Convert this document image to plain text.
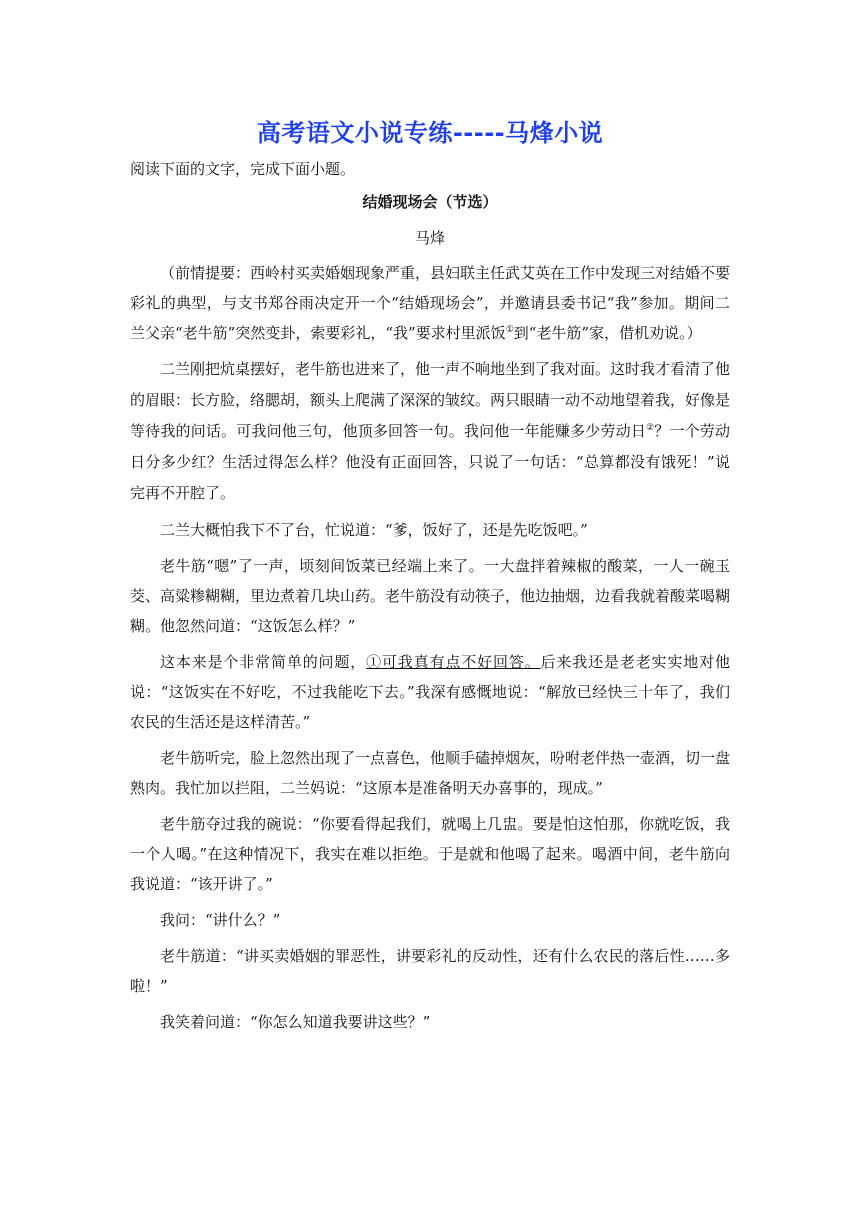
高考语文小说专练-----马烽小说
阅读下面的文字，完成下面小题。
结婚现场会（节选）
马烽

（前情提要：西岭村买卖婚姻现象严重，县妇联主任武艾英在工作中发现三对结婚不要彩礼的典型，与支书郑谷雨决定开一个“结婚现场会”，并邀请县委书记“我”参加。期间二兰父亲“老牛筋”突然变卦，索要彩礼，“我”要求村里派饭①到“老牛筋”家，借机劝说。）

二兰刚把炕桌摆好，老牛筋也进来了，他一声不响地坐到了我对面。这时我才看清了他的眉眼：长方脸，络腮胡，额头上爬满了深深的皱纹。两只眼睛一动不动地望着我，好像是等待我的问话。可我问他三句，他顶多回答一句。我问他一年能赚多少劳动日②？一个劳动日分多少红？生活过得怎么样？他没有正面回答，只说了一句话：“总算都没有饿死！”说完再不开腔了。

二兰大概怕我下不了台，忙说道：“爹，饭好了，还是先吃饭吧。”

老牛筋“嗯”了一声，顷刻间饭菜已经端上来了。一大盘拌着辣椒的酸菜，一人一碗玉茭、高粱糁糊糊，里边煮着几块山药。老牛筋没有动筷子，他边抽烟，边看我就着酸菜喝糊糊。他忽然问道：“这饭怎么样？”

这本来是个非常简单的问题，①可我真有点不好回答。后来我还是老老实实地对他说：“这饭实在不好吃，不过我能吃下去。”我深有感慨地说：“解放已经快三十年了，我们农民的生活还是这样清苦。”

老牛筋听完，脸上忽然出现了一点喜色，他顺手磕掉烟灰，吩咐老伴热一壶酒，切一盘熟肉。我忙加以拦阻，二兰妈说：“这原本是准备明天办喜事的，现成。”

老牛筋夺过我的碗说：“你要看得起我们，就喝上几盅。要是怕这怕那，你就吃饭，我一个人喝。”在这种情况下，我实在难以拒绝。于是就和他喝了起来。喝酒中间，老牛筋向我说道：“该开讲了。”

我问：“讲什么？”

老牛筋道：“讲买卖婚姻的罪恶性，讲要彩礼的反动性，还有什么农民的落后性……多啦！”

我笑着问道：“你怎么知道我要讲这些？”
